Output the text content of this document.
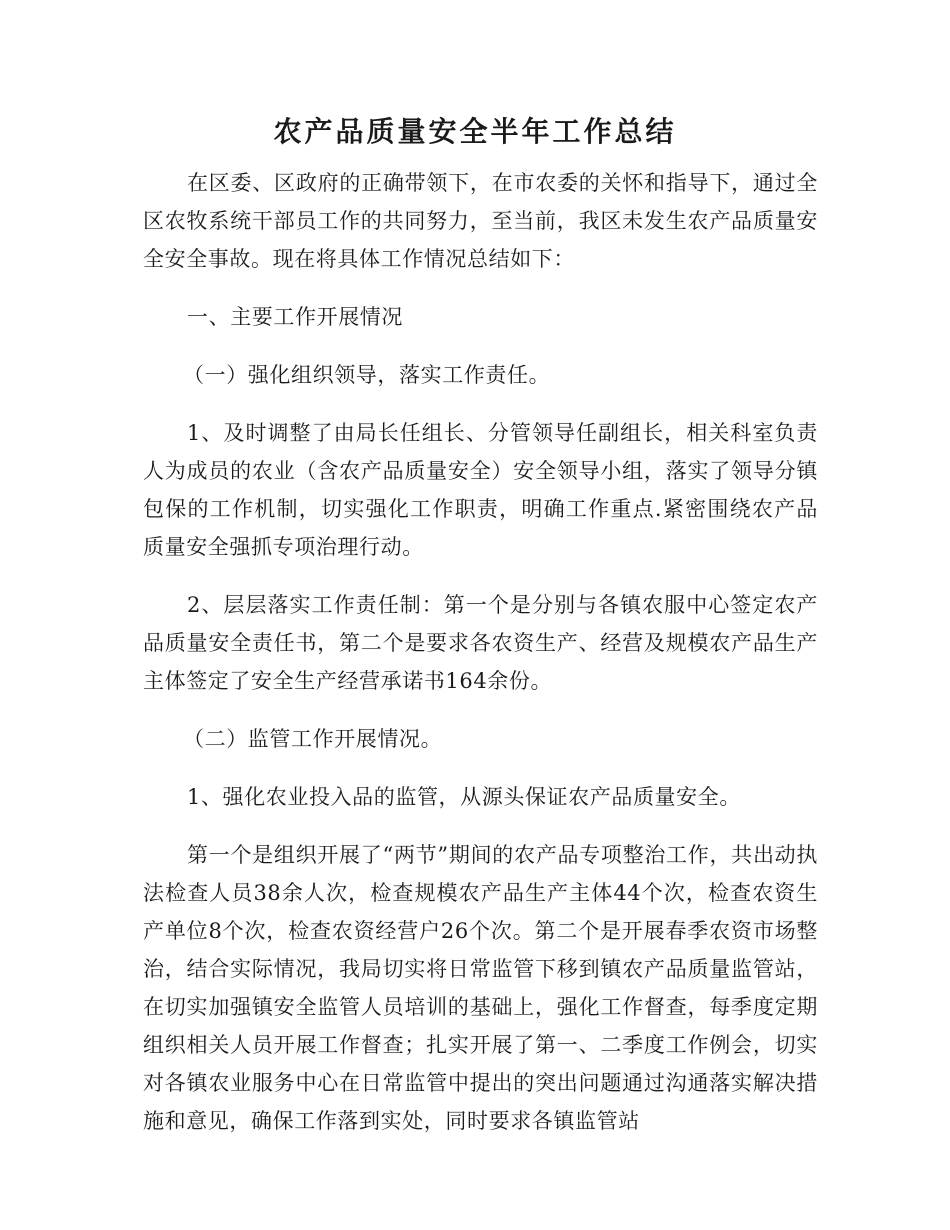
农产品质量安全半年工作总结

在区委、区政府的正确带领下，在市农委的关怀和指导下，通过全区农牧系统干部员工作的共同努力，至当前，我区未发生农产品质量安全安全事故。现在将具体工作情况总结如下：

一、主要工作开展情况

（一）强化组织领导，落实工作责任。

1、及时调整了由局长任组长、分管领导任副组长，相关科室负责人为成员的农业（含农产品质量安全）安全领导小组，落实了领导分镇包保的工作机制，切实强化工作职责，明确工作重点.紧密围绕农产品质量安全强抓专项治理行动。

2、层层落实工作责任制：第一个是分别与各镇农服中心签定农产品质量安全责任书，第二个是要求各农资生产、经营及规模农产品生产主体签定了安全生产经营承诺书164余份。

（二）监管工作开展情况。

1、强化农业投入品的监管，从源头保证农产品质量安全。

第一个是组织开展了“两节”期间的农产品专项整治工作，共出动执法检查人员38余人次，检查规模农产品生产主体44个次，检查农资生产单位8个次，检查农资经营户26个次。第二个是开展春季农资市场整治，结合实际情况，我局切实将日常监管下移到镇农产品质量监管站，在切实加强镇安全监管人员培训的基础上，强化工作督查，每季度定期组织相关人员开展工作督查；扎实开展了第一、二季度工作例会，切实对各镇农业服务中心在日常监管中提出的突出问题通过沟通落实解决措施和意见，确保工作落到实处，同时要求各镇监管站
